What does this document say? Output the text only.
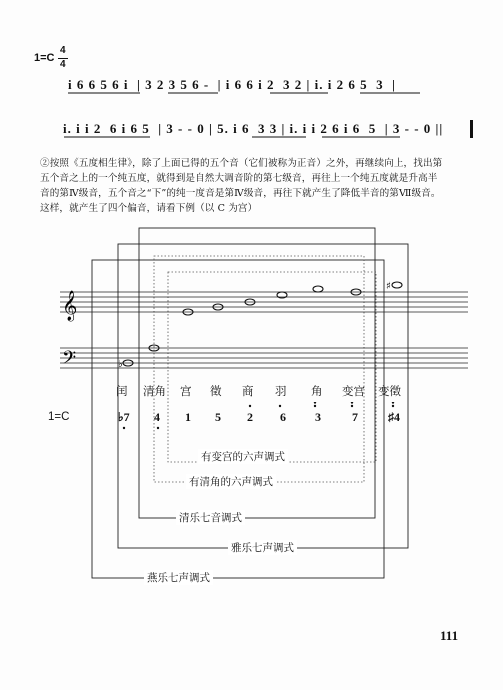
1=C
4
4
i 6 6 5 6 i  | 3 2 3 5 6 -  | i 6 6 i 2  3 2 | i. i 2 6 5  3  |
i. i i 2  6 i 6 5  | 3 - - 0 | 5. i 6  3 3 | i. i i 2 6 i 6  5  | 3 - - 0 ||
②按照《五度相生律》，除了上面已得的五个音（它们被称为正音）之外，再继续向上，找出第
五个音之上的一个纯五度，就得到是自然大调音阶的第七级音，再往上一个纯五度就是升高半
音的第Ⅳ级音，五个音之“下”的纯一度音是第Ⅳ级音，再往下就产生了降低半音的第Ⅶ级音。
这样，就产生了四个偏音，请看下例（以 C 为宫）
𝄞
𝄢	♭
♯
闰 清角 宫 徵 商 羽 角 变宫 变徵
1=C	♭7 4 1 5 2 6 3	7	♯4
有变宫的六声调式
有清角的六声调式
清乐七音调式
雅乐七声调式
燕乐七声调式
111
